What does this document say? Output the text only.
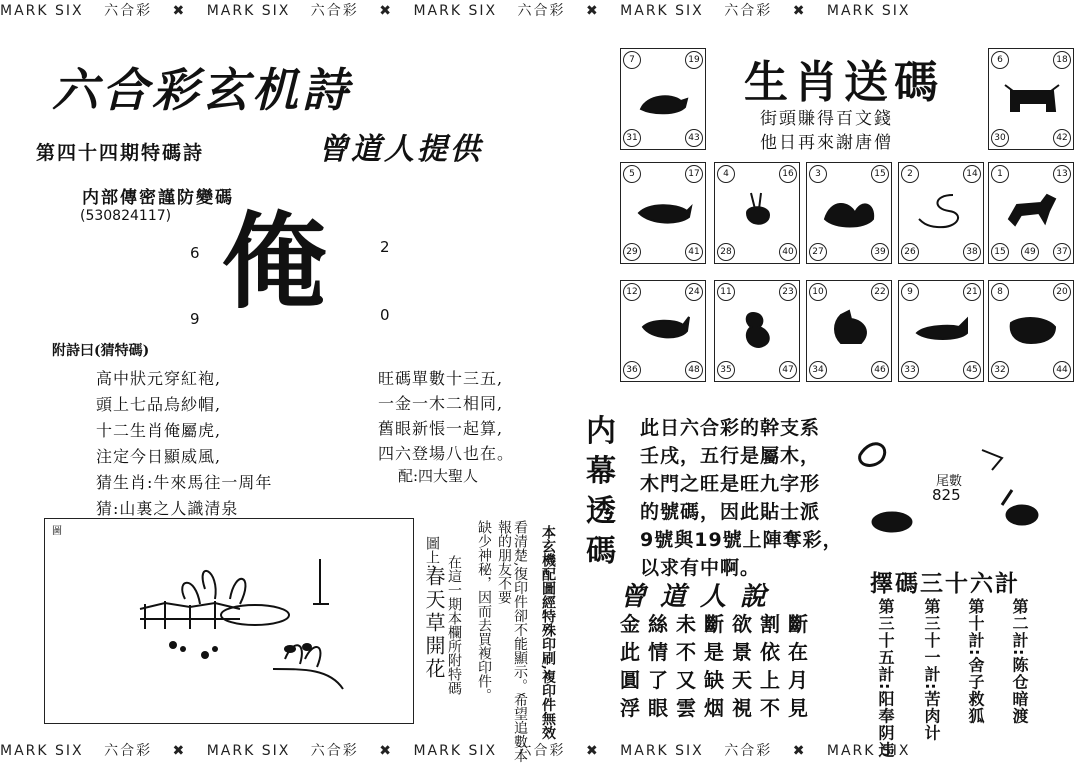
MARK SIX 六合彩 ✖ MARK SIX 六合彩 ✖ MARK SIX 六合彩 ✖ MARK SIX 六合彩 ✖ MARK SIX
MARK SIX 六合彩 ✖ MARK SIX 六合彩 ✖ MARK SIX 六合彩 ✖ MARK SIX 六合彩 ✖ MARK SIX
六合彩玄机詩
第四十四期特碼詩	曾道人提供
内部傳密謹防變碼
(530824117) 俺
6	2
9	0
附詩曰(猜特碼)
高中狀元穿紅袍,
頭上七品烏紗帽,
十二生肖俺屬虎,
注定今日顯威風,
猜生肖:牛來馬往一周年
猜:山裏之人識清泉
旺碼單數十三五,
一金一木二相同,
舊眼新悵一起算,
四六登場八也在。
配:四大聖人
圖
圖上:
春天草開花 在這一期本欄所附特碼 缺少神秘，因而去買複印件。	看清楚,復印件卻不能顯示。希望追數本報的朋友不要	本玄機配圖經特殊印刷,複印件無效
生肖送碼
街頭賺得百文錢
他日再來謝唐僧
7	19
31	43
6	18
30	42
5	17
29	41
4	16
28	40
3	15
27	39
2	14
26	38
1	13
15	37
49
12	24
36	48
11	23
35	47
10	22
34	46
9	21
33	45
8	20
32	44
内
幕
透
碼
此日六合彩的幹支系
壬戌，五行是屬木，
木門之旺是旺九字形
的號碼，因此貼士派
9號與19號上陣奪彩，
以求有中啊。
尾數
825
曾道人說
金絲未斷欲割斷
此情不是景依在
圓了又缺天上月
浮眼雲烟視不見
擇碼三十六計
第二計:陈仓暗渡
第十計:舍子救狐
第三十一計:苦肉计
第三十五計:阳奉阴违
